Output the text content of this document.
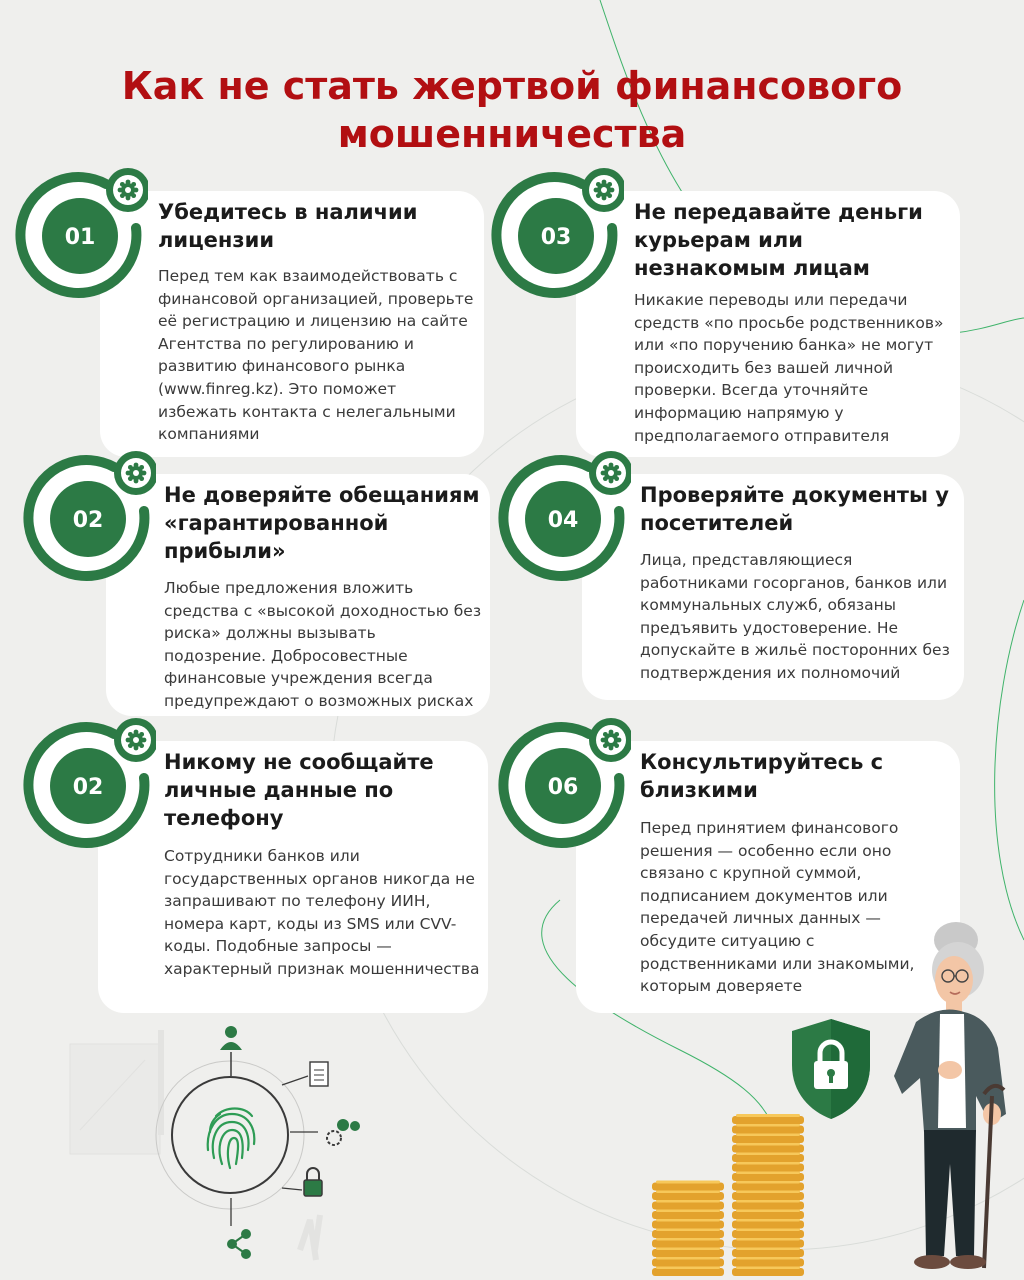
Как не стать жертвой финансового мошенничества
01
Убедитесь в наличии лицензии

Перед тем как взаимодействовать с финансовой организацией, проверьте её регистрацию и лицензию на сайте Агентства по регулированию и развитию финансового рынка (www.finreg.kz). Это поможет избежать контакта с нелегальными компаниями

03
Не передавайте деньги курьерам или незнакомым лицам

Никакие переводы или передачи средств «по просьбе родственников» или «по поручению банка» не могут происходить без вашей личной проверки. Всегда уточняйте информацию напрямую у предполагаемого отправителя

02
Не доверяйте обещаниям «гарантированной прибыли»

Любые предложения вложить средства с «высокой доходностью без риска» должны вызывать подозрение. Добросовестные финансовые учреждения всегда предупреждают о возможных рисках

04
Проверяйте документы у посетителей

Лица, представляющиеся работниками госорганов, банков или коммунальных служб, обязаны предъявить удостоверение. Не допускайте в жильё посторонних без подтверждения их полномочий

02
Никому не сообщайте личные данные по телефону

Сотрудники банков или государственных органов никогда не запрашивают по телефону ИИН, номера карт, коды из SMS или CVV-коды. Подобные запросы — характерный признак мошенничества

06
Консультируйтесь с близкими

Перед принятием финансового решения — особенно если оно связано с крупной суммой, подписанием документов или передачей личных данных — обсудите ситуацию с родственниками или знакомыми, которым доверяете
